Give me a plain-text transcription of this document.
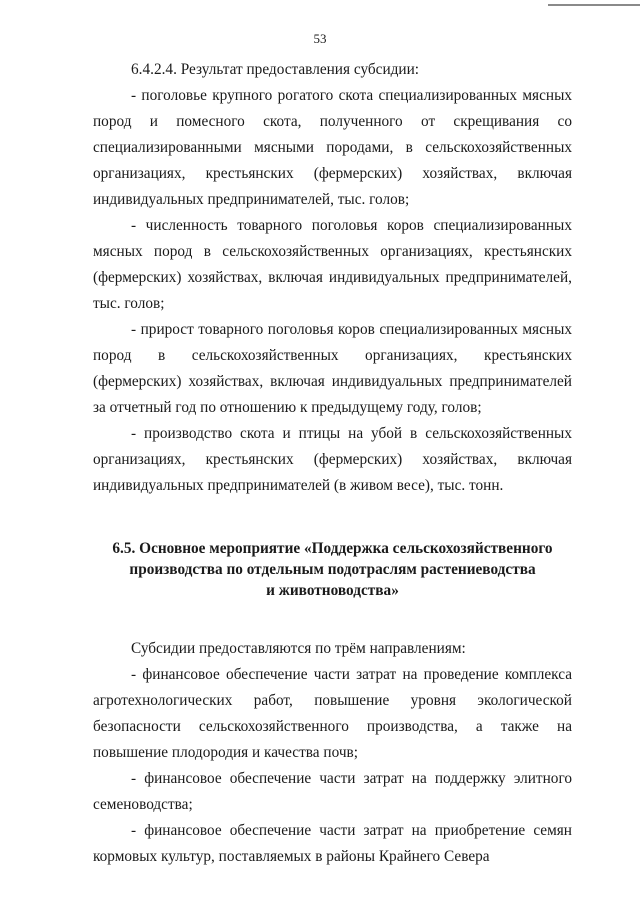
53

6.4.2.4. Результат предоставления субсидии:

- поголовье крупного рогатого скота специализированных мясных пород и помесного скота, полученного от скрещивания со специализированными мясными породами, в сельскохозяйственных организациях, крестьянских (фермерских) хозяйствах, включая индивидуальных предпринимателей, тыс. голов;

- численность товарного поголовья коров специализированных мясных пород в сельскохозяйственных организациях, крестьянских (фермерских) хозяйствах, включая индивидуальных предпринимателей, тыс. голов;

- прирост товарного поголовья коров специализированных мясных пород в сельскохозяйственных организациях, крестьянских (фермерских) хозяйствах, включая индивидуальных предпринимателей за отчетный год по отношению к предыдущему году, голов;

- производство скота и птицы на убой в сельскохозяйственных организациях, крестьянских (фермерских) хозяйствах, включая индивидуальных предпринимателей (в живом весе), тыс. тонн.

6.5. Основное мероприятие «Поддержка сельскохозяйственного
производства по отдельным подотраслям растениеводства
и животноводства»

Субсидии предоставляются по трём направлениям:

- финансовое обеспечение части затрат на проведение комплекса агротехнологических работ, повышение уровня экологической безопасности сельскохозяйственного производства, а также на повышение плодородия и качества почв;

- финансовое обеспечение части затрат на поддержку элитного семеноводства;

- финансовое обеспечение части затрат на приобретение семян кормовых культур, поставляемых в районы Крайнего Севера
